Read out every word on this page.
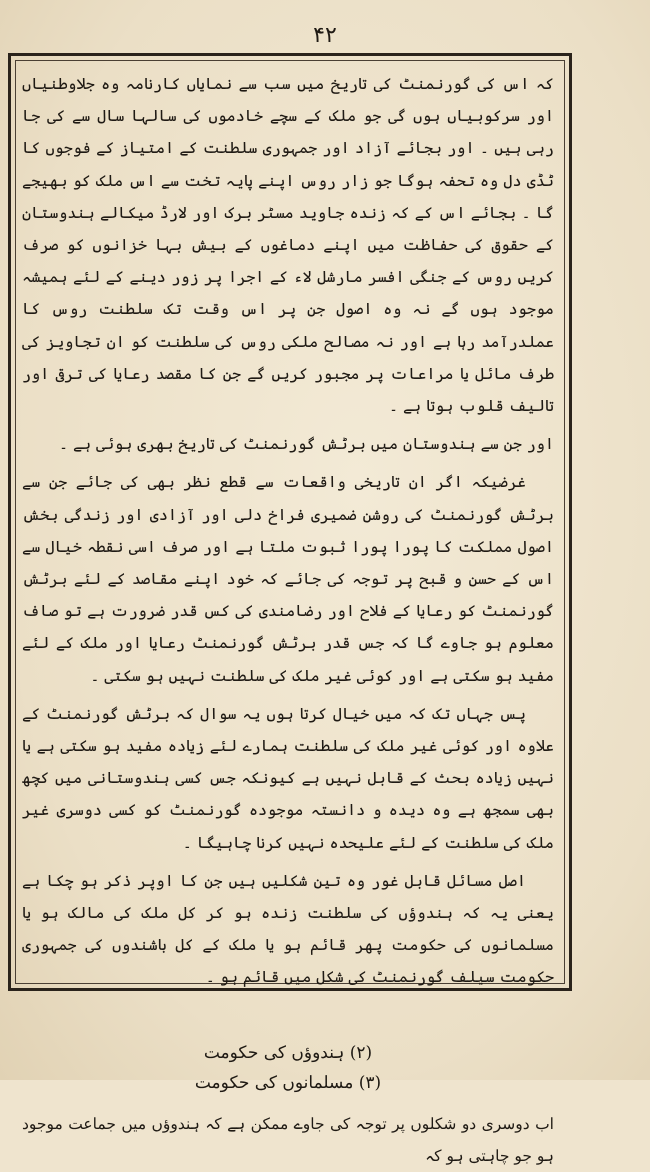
۴۲

کہ اس کی گورنمنٹ کی تاریخ میں سب سے نمایاں کارنامہ وہ جلاوطنیاں اور سرکوبیاں ہوں گی جو ملک کے سچے خادموں کی سالہا سال سے کی جا رہی ہیں ۔ اور بجائے آزاد اور جمہوری سلطنت کے امتیاز کے فوجوں کا ٹڈی دل وہ تحفہ ہوگا جو زار روس اپنے پایہ تخت سے اس ملک کو بھیجے گا ۔ بجائے اس کے کہ زندہ جاوید مسٹر برک اور لارڈ میکالے ہندوستان کے حقوق کی حفاظت میں اپنے دماغوں کے بیش بہا خزانوں کو صرف کریں روس کے جنگی افسر مارشل لاء کے اجرا پر زور دینے کے لئے ہمیشہ موجود ہوں گے نہ وہ اصول جن پر اس وقت تک سلطنت روس کا عملدرآمد رہا ہے اور نہ مصالح ملکی روس کی سلطنت کو ان تجاویز کی طرف مائل یا مراعات پر مجبور کریں گے جن کا مقصد رعایا کی ترقی اور تالیف قلوب ہوتا ہے ۔

اور جن سے ہندوستان میں برٹش گورنمنٹ کی تاریخ بھری ہوئی ہے ۔

غرضیکہ اگر ان تاریخی واقعات سے قطع نظر بھی کی جائے جن سے برٹش گورنمنٹ کی روشن ضمیری فراخ دلی اور آزادی اور زندگی بخش اصول مملکت کا پورا پورا ثبوت ملتا ہے اور صرف اسی نقطہ خیال سے اس کے حسن و قبح پر توجہ کی جائے کہ خود اپنے مقاصد کے لئے برٹش گورنمنٹ کو رعایا کے فلاح اور رضامندی کی کس قدر ضرورت ہے تو صاف معلوم ہو جاوے گا کہ جس قدر برٹش گورنمنٹ رعایا اور ملک کے لئے مفید ہو سکتی ہے اور کوئی غیر ملک کی سلطنت نہیں ہو سکتی ۔

پس جہاں تک کہ میں خیال کرتا ہوں یہ سوال کہ برٹش گورنمنٹ کے علاوہ اور کوئی غیر ملک کی سلطنت ہمارے لئے زیادہ مفید ہو سکتی ہے یا نہیں زیادہ بحث کے قابل نہیں ہے کیونکہ جس کسی ہندوستانی میں کچھ بھی سمجھ ہے وہ دیدہ و دانستہ موجودہ گورنمنٹ کو کسی دوسری غیر ملک کی سلطنت کے لئے علیحدہ نہیں کرنا چاہیگا ۔

اصل مسائل قابل غور وہ تین شکلیں ہیں جن کا اوپر ذکر ہو چکا ہے یعنی یہ کہ ہندوؤں کی سلطنت زندہ ہو کر کل ملک کی مالک ہو یا مسلمانوں کی حکومت پھر قائم ہو یا ملک کے کل باشندوں کی جمہوری حکومت سیلف گورنمنٹ کی شکل میں قائم ہو ۔

(۲) ہندوؤں کی حکومت

(۳) مسلمانوں کی حکومت

اب دوسری دو شکلوں پر توجہ کی جاوے ممکن ہے کہ ہندوؤں میں جماعت موجود ہو جو چاہتی ہو کہ
